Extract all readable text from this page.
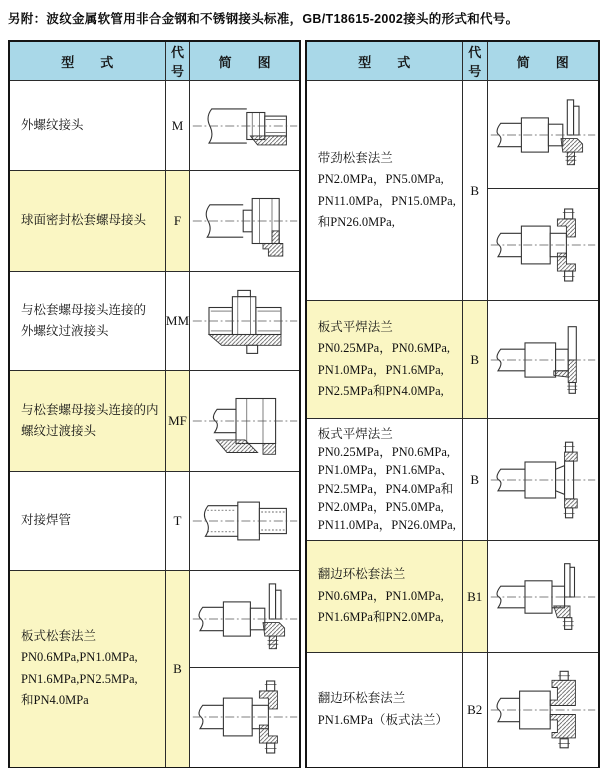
另附：波纹金属软管用非合金钢和不锈钢接头标准，GB/T18615-2002接头的形式和代号。
型　　式	代号	简　　图

外螺纹接头	M	

球面密封松套螺母接头	F	

与松套螺母接头连接的
外螺纹过液接头	MM	

与松套螺母接头连接的内
螺纹过渡接头	MF	

对接焊管	T	

板式松套法兰
PN0.6MPa,PN1.0MPa,
PN1.6MPa,PN2.5MPa,
和PN4.0MPa	B	

型　　式	代号	简　　图

带劲松套法兰
PN2.0MPa，PN5.0MPa,
PN11.0MPa，PN15.0MPa,
和PN26.0MPa,	B	

板式平焊法兰
PN0.25MPa，PN0.6MPa,
PN1.0MPa，PN1.6MPa,
PN2.5MPa和PN4.0MPa,	B	

板式平焊法兰
PN0.25MPa，PN0.6MPa,
PN1.0MPa，PN1.6MPa、
PN2.5MPa，PN4.0MPa和
PN2.0MPa，PN5.0MPa,
PN11.0MPa，PN26.0MPa,
	B	

翻边环松套法兰
PN0.6MPa，PN1.0MPa,
PN1.6MPa和PN2.0MPa,	B1	

翻边环松套法兰
PN1.6MPa（板式法兰）	B2	
